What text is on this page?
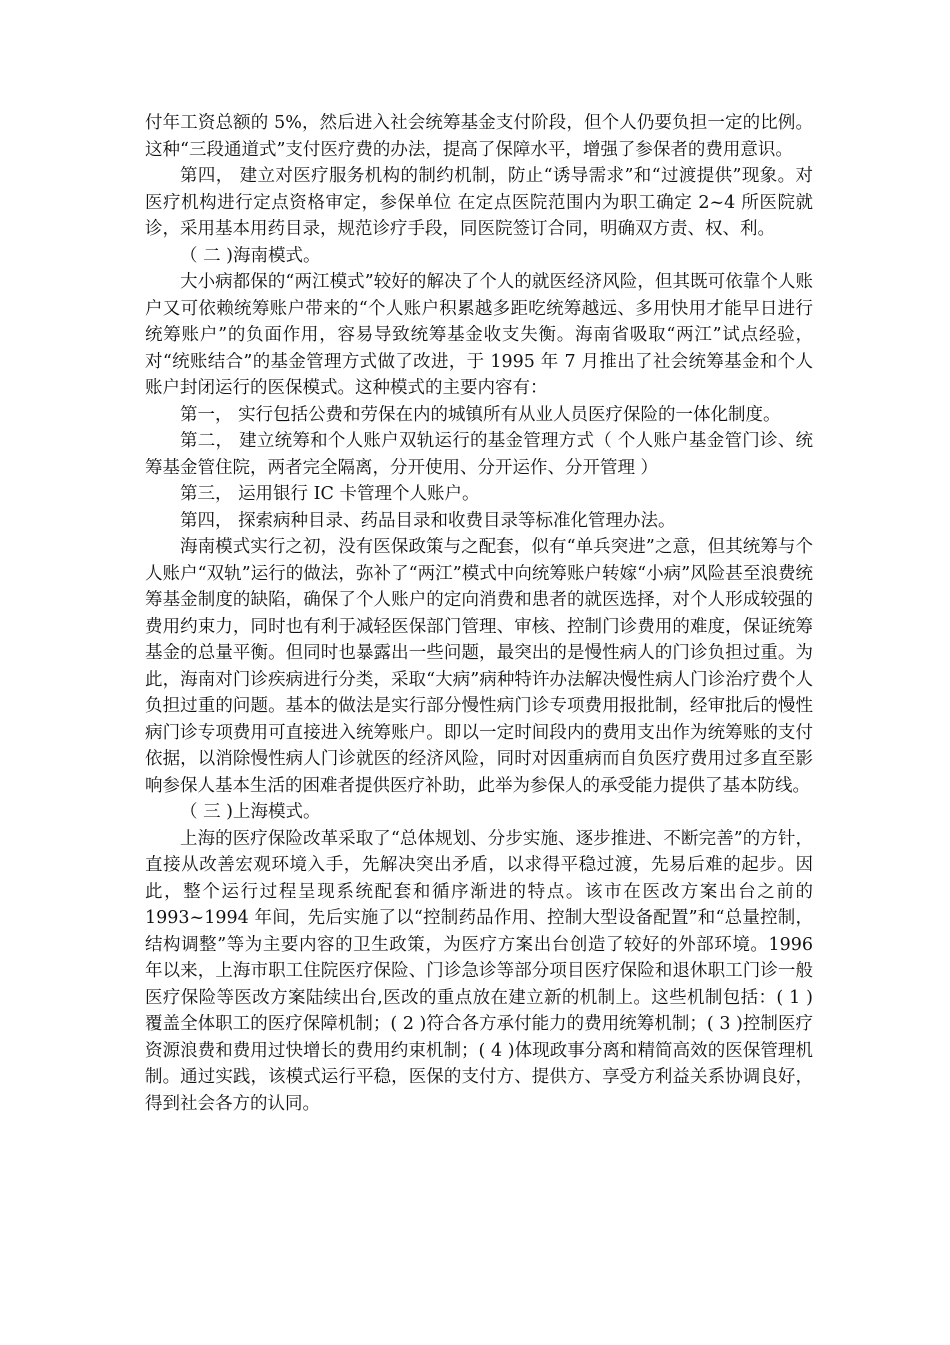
付年工资总额的 5%，然后进入社会统筹基金支付阶段，但个人仍要负担一定的比例。这种“三段通道式”支付医疗费的办法，提高了保障水平，增强了参保者的费用意识。

第四， 建立对医疗服务机构的制约机制，防止“诱导需求”和“过渡提供”现象。对医疗机构进行定点资格审定，参保单位 在定点医院范围内为职工确定 2~4 所医院就诊，采用基本用药目录，规范诊疗手段，同医院签订合同，明确双方责、权、利。

（ 二 )海南模式。

大小病都保的“两江模式”较好的解决了个人的就医经济风险，但其既可依靠个人账户又可依赖统筹账户带来的“个人账户积累越多距吃统筹越远、多用快用才能早日进行统筹账户”的负面作用，容易导致统筹基金收支失衡。海南省吸取“两江”试点经验，对“统账结合”的基金管理方式做了改进，于 1995 年 7 月推出了社会统筹基金和个人账户封闭运行的医保模式。这种模式的主要内容有：

第一， 实行包括公费和劳保在内的城镇所有从业人员医疗保险的一体化制度。

第二， 建立统筹和个人账户双轨运行的基金管理方式（ 个人账户基金管门诊、统筹基金管住院，两者完全隔离，分开使用、分开运作、分开管理 ）

第三， 运用银行 IC 卡管理个人账户。

第四， 探索病种目录、药品目录和收费目录等标准化管理办法。

海南模式实行之初，没有医保政策与之配套，似有“单兵突进”之意，但其统筹与个人账户“双轨”运行的做法，弥补了“两江”模式中向统筹账户转嫁“小病”风险甚至浪费统筹基金制度的缺陷，确保了个人账户的定向消费和患者的就医选择，对个人形成较强的费用约束力，同时也有利于减轻医保部门管理、审核、控制门诊费用的难度，保证统筹基金的总量平衡。但同时也暴露出一些问题，最突出的是慢性病人的门诊负担过重。为此，海南对门诊疾病进行分类，采取“大病”病种特许办法解决慢性病人门诊治疗费个人负担过重的问题。基本的做法是实行部分慢性病门诊专项费用报批制，经审批后的慢性病门诊专项费用可直接进入统筹账户。即以一定时间段内的费用支出作为统筹账的支付依据，以消除慢性病人门诊就医的经济风险，同时对因重病而自负医疗费用过多直至影响参保人基本生活的困难者提供医疗补助，此举为参保人的承受能力提供了基本防线。

（ 三 )上海模式。

上海的医疗保险改革采取了“总体规划、分步实施、逐步推进、不断完善”的方针，直接从改善宏观环境入手，先解决突出矛盾，以求得平稳过渡，先易后难的起步。因此，整个运行过程呈现系统配套和循序渐进的特点。该市在医改方案出台之前的 1993~1994 年间，先后实施了以“控制药品作用、控制大型设备配置”和“总量控制，结构调整”等为主要内容的卫生政策，为医疗方案出台创造了较好的外部环境。1996 年以来，上海市职工住院医疗保险、门诊急诊等部分项目医疗保险和退休职工门诊一般医疗保险等医改方案陆续出台,医改的重点放在建立新的机制上。这些机制包括：( 1 )覆盖全体职工的医疗保障机制；( 2 )符合各方承付能力的费用统筹机制；( 3 )控制医疗资源浪费和费用过快增长的费用约束机制；( 4 )体现政事分离和精简高效的医保管理机制。通过实践，该模式运行平稳，医保的支付方、提供方、享受方利益关系协调良好，得到社会各方的认同。
